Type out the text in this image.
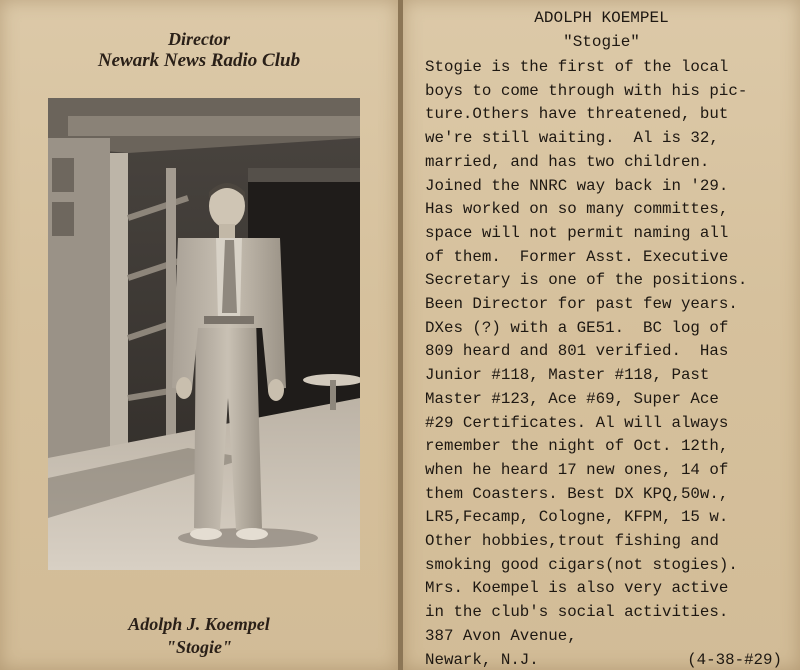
Director
Newark News Radio Club
Adolph J. Koempel
"Stogie"
ADOLPH KOEMPEL
"Stogie"
Stogie is the first of the local
boys to come through with his pic-
ture.Others have threatened, but
we're still waiting.  Al is 32,
married, and has two children.
Joined the NNRC way back in '29.
Has worked on so many committes,
space will not permit naming all
of them.  Former Asst. Executive
Secretary is one of the positions.
Been Director for past few years.
DXes (?) with a GE51.  BC log of
809 heard and 801 verified.  Has
Junior #118, Master #118, Past
Master #123, Ace #69, Super Ace
#29 Certificates. Al will always
remember the night of Oct. 12th,
when he heard 17 new ones, 14 of
them Coasters. Best DX KPQ,50w.,
LR5,Fecamp, Cologne, KFPM, 15 w.
Other hobbies,trout fishing and
smoking good cigars(not stogies).
Mrs. Koempel is also very active
in the club's social activities.
387 Avon Avenue,
Newark, N.J.	(4-38-#29)
